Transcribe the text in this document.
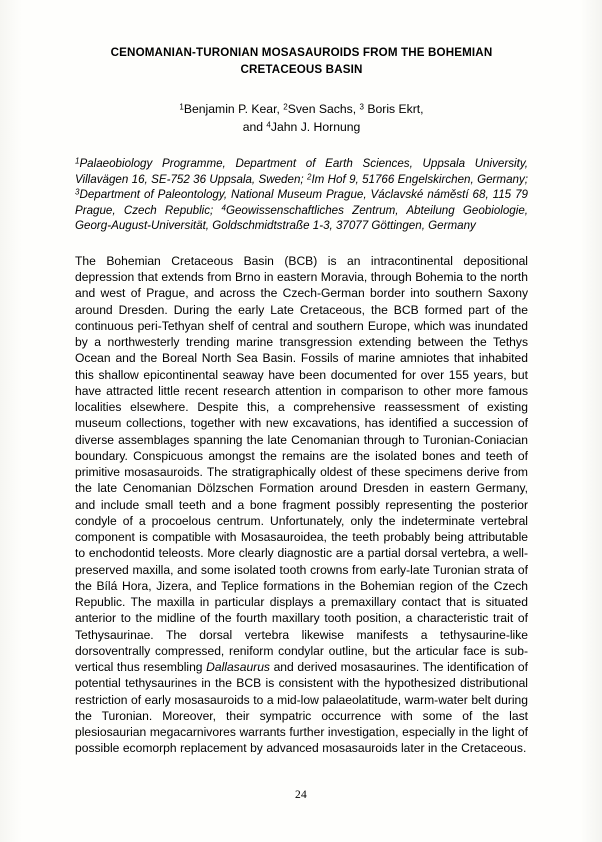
CENOMANIAN-TURONIAN MOSASAUROIDS FROM THE BOHEMIAN CRETACEOUS BASIN
$^1$Benjamin P. Kear, $^2$Sven Sachs, $^3$ Boris Ekrt,
and $^4$Jahn J. Hornung
$^1$Palaeobiology Programme, Department of Earth Sciences, Uppsala University, Villavägen 16, SE-752 36 Uppsala, Sweden; $^2$Im Hof 9, 51766 Engelskirchen, Germany; $^3$Department of Paleontology, National Museum Prague, Václavské náměstí 68, 115 79 Prague, Czech Republic; $^4$Geowissenschaftliches Zentrum, Abteilung Geobiologie, Georg-August-Universität, Goldschmidtstraße 1-3, 37077 Göttingen, Germany
The Bohemian Cretaceous Basin (BCB) is an intracontinental depositional depression that extends from Brno in eastern Moravia, through Bohemia to the north and west of Prague, and across the Czech-German border into southern Saxony around Dresden. During the early Late Cretaceous, the BCB formed part of the continuous peri-Tethyan shelf of central and southern Europe, which was inundated by a northwesterly trending marine transgression extending between the Tethys Ocean and the Boreal North Sea Basin. Fossils of marine amniotes that inhabited this shallow epicontinental seaway have been documented for over 155 years, but have attracted little recent research attention in comparison to other more famous localities elsewhere. Despite this, a comprehensive reassessment of existing museum collections, together with new excavations, has identified a succession of diverse assemblages spanning the late Cenomanian through to Turonian-Coniacian boundary. Conspicuous amongst the remains are the isolated bones and teeth of primitive mosasauroids. The stratigraphically oldest of these specimens derive from the late Cenomanian Dölzschen Formation around Dresden in eastern Germany, and include small teeth and a bone fragment possibly representing the posterior condyle of a procoelous centrum. Unfortunately, only the indeterminate vertebral component is compatible with Mosasauroidea, the teeth probably being attributable to enchodontid teleosts. More clearly diagnostic are a partial dorsal vertebra, a well-preserved maxilla, and some isolated tooth crowns from early-late Turonian strata of the Bílá Hora, Jizera, and Teplice formations in the Bohemian region of the Czech Republic. The maxilla in particular displays a premaxillary contact that is situated anterior to the midline of the fourth maxillary tooth position, a characteristic trait of Tethysaurinae. The dorsal vertebra likewise manifests a tethysaurine-like dorsoventrally compressed, reniform condylar outline, but the articular face is sub-vertical thus resembling Dallasaurus and derived mosasaurines. The identification of potential tethysaurines in the BCB is consistent with the hypothesized distributional restriction of early mosasauroids to a mid-low palaeolatitude, warm-water belt during the Turonian. Moreover, their sympatric occurrence with some of the last plesiosaurian megacarnivores warrants further investigation, especially in the light of possible ecomorph replacement by advanced mosasauroids later in the Cretaceous.
24
